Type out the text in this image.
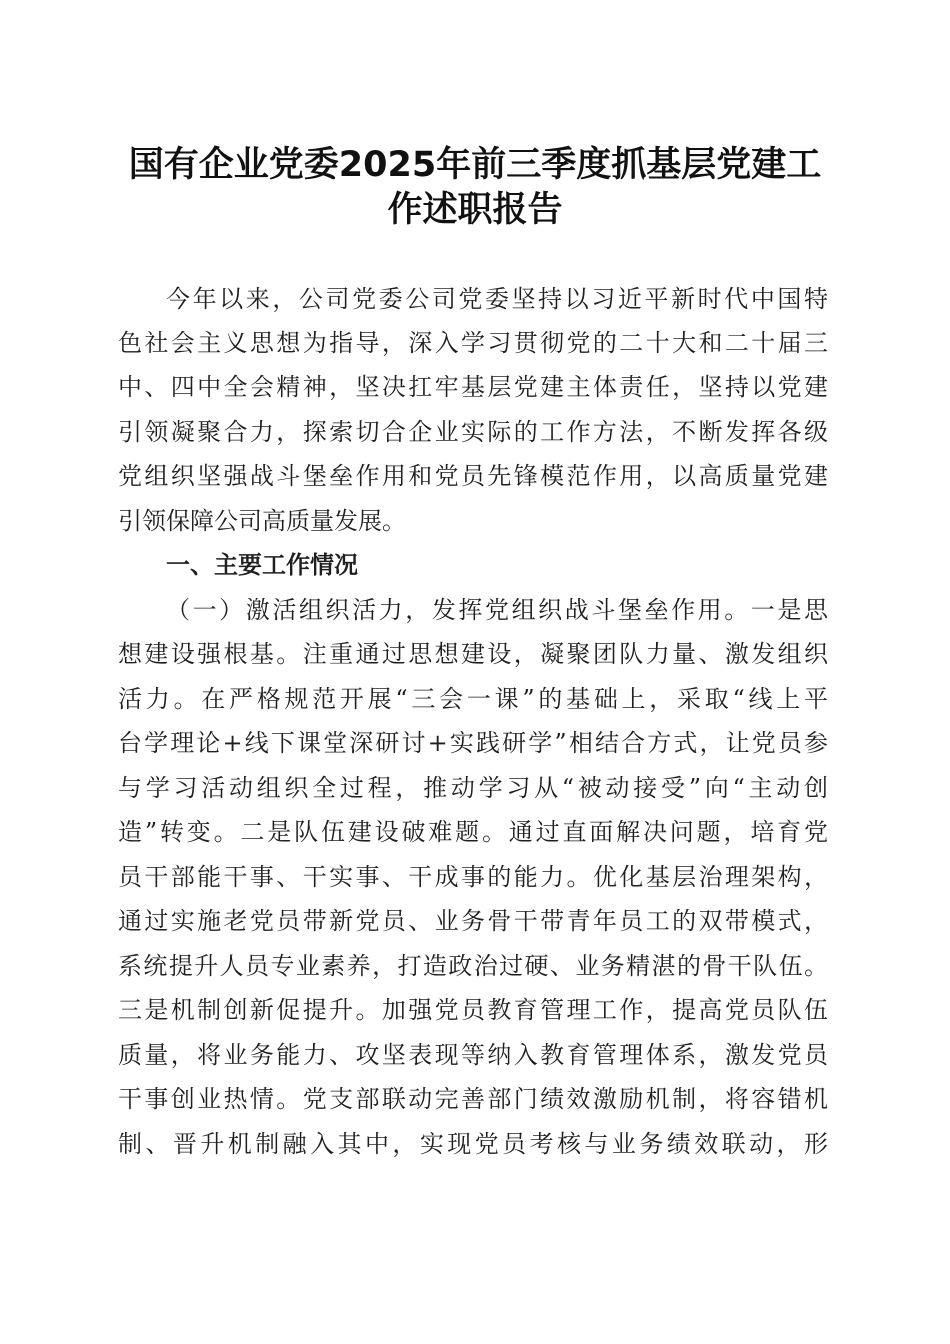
国有企业党委2025年前三季度抓基层党建工
作述职报告
今年以来，公司党委公司党委坚持以习近平新时代中国特
色社会主义思想为指导，深入学习贯彻党的二十大和二十届三
中、四中全会精神，坚决扛牢基层党建主体责任，坚持以党建
引领凝聚合力，探索切合企业实际的工作方法，不断发挥各级
党组织坚强战斗堡垒作用和党员先锋模范作用，以高质量党建
引领保障公司高质量发展。
一、主要工作情况
（一）激活组织活力，发挥党组织战斗堡垒作用。一是思
想建设强根基。注重通过思想建设，凝聚团队力量、激发组织
活力。在严格规范开展“三会一课”的基础上，采取“线上平
台学理论+线下课堂深研讨+实践研学”相结合方式，让党员参
与学习活动组织全过程，推动学习从“被动接受”向“主动创
造”转变。二是队伍建设破难题。通过直面解决问题，培育党
员干部能干事、干实事、干成事的能力。优化基层治理架构，
通过实施老党员带新党员、业务骨干带青年员工的双带模式，
系统提升人员专业素养，打造政治过硬、业务精湛的骨干队伍。
三是机制创新促提升。加强党员教育管理工作，提高党员队伍
质量，将业务能力、攻坚表现等纳入教育管理体系，激发党员
干事创业热情。党支部联动完善部门绩效激励机制，将容错机
制、晋升机制融入其中，实现党员考核与业务绩效联动，形
